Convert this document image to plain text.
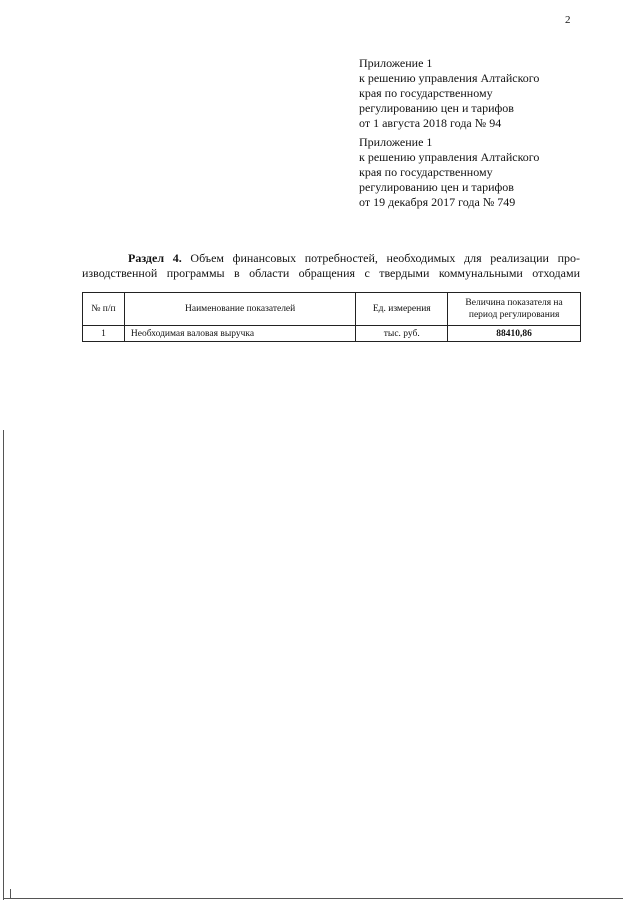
2
Приложение 1
к решению управления Алтайского
края по государственному
регулированию цен и тарифов
от 1 августа 2018 года № 94
Приложение 1
к решению управления Алтайского
края по государственному
регулированию цен и тарифов
от 19 декабря 2017 года № 749
Раздел 4. Объем финансовых потребностей, необходимых для реализации про-
изводственной программы в области обращения с твердыми коммунальными отходами
№ п/п	Наименование показателей	Ед. измерения	Величина показателя на период регулирования
1	Необходимая валовая выручка	тыс. руб.	88410,86
